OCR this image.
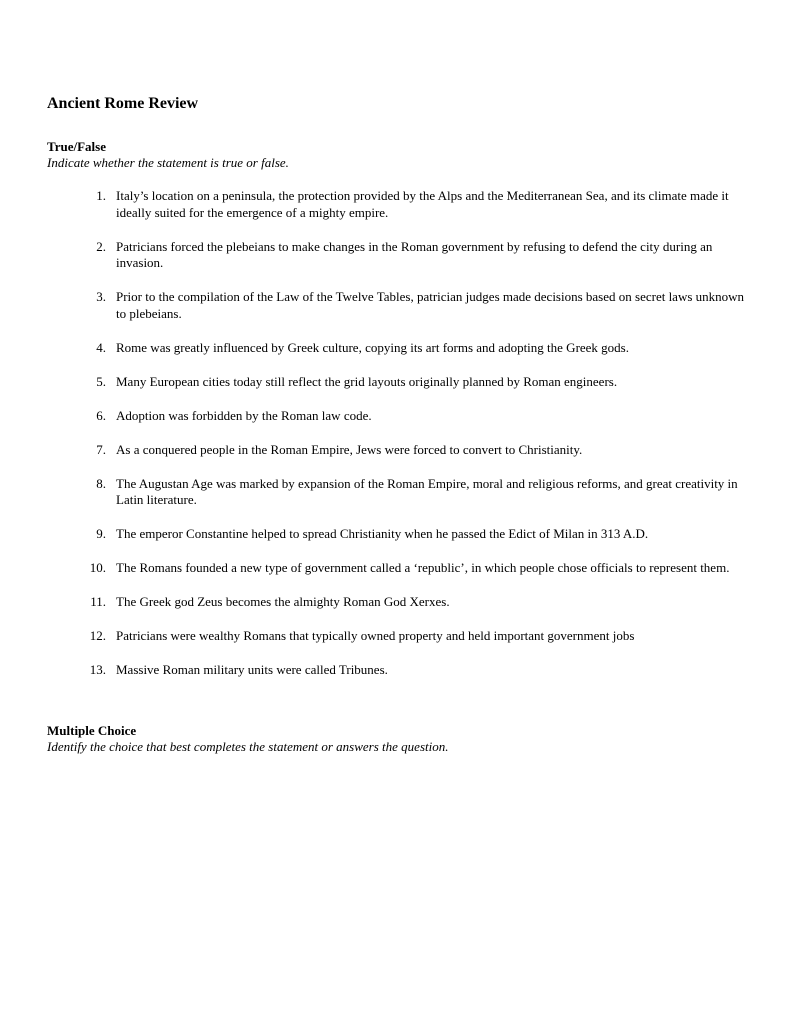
Ancient Rome Review

True/False

Indicate whether the statement is true or false.

1. Italy’s location on a peninsula, the protection provided by the Alps and the Mediterranean Sea, and its climate made it ideally suited for the emergence of a mighty empire.
2. Patricians forced the plebeians to make changes in the Roman government by refusing to defend the city during an invasion.
3. Prior to the compilation of the Law of the Twelve Tables, patrician judges made decisions based on secret laws unknown to plebeians.
4. Rome was greatly influenced by Greek culture, copying its art forms and adopting the Greek gods.
5. Many European cities today still reflect the grid layouts originally planned by Roman engineers.
6. Adoption was forbidden by the Roman law code.
7. As a conquered people in the Roman Empire, Jews were forced to convert to Christianity.
8. The Augustan Age was marked by expansion of the Roman Empire, moral and religious reforms, and great creativity in Latin literature.
9. The emperor Constantine helped to spread Christianity when he passed the Edict of Milan in 313 A.D.
10. The Romans founded a new type of government called a ‘republic’, in which people chose officials to represent them.
11. The Greek god Zeus becomes the almighty Roman God Xerxes.
12. Patricians were wealthy Romans that typically owned property and held important government jobs
13. Massive Roman military units were called Tribunes.

Multiple Choice

Identify the choice that best completes the statement or answers the question.
